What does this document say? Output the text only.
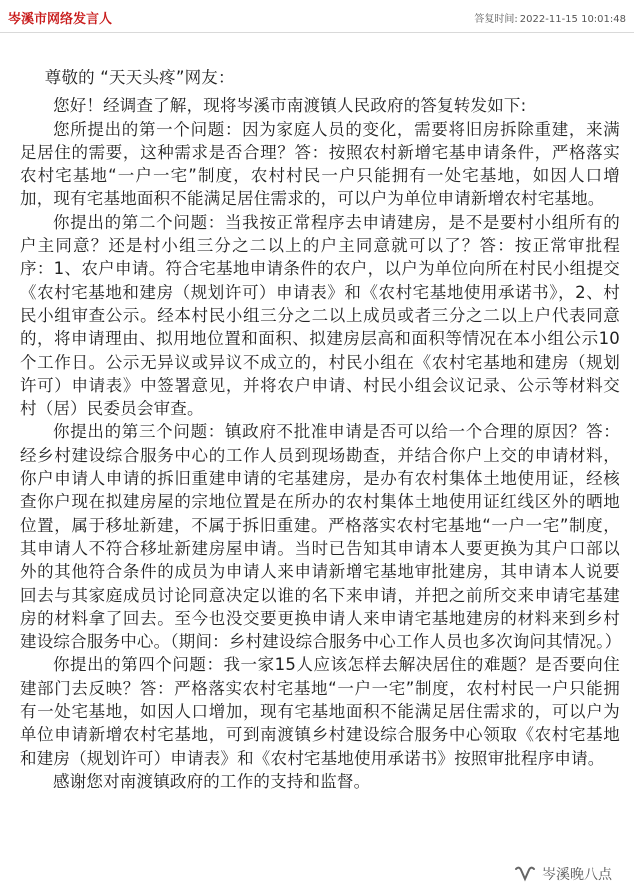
岑溪市网络发言人	答复时间: 2022-11-15 10:01:48

尊敬的 “天天头疼”网友：

您好！经调查了解，现将岑溪市南渡镇人民政府的答复转发如下:

您所提出的第一个问题：因为家庭人员的变化，需要将旧房拆除重建，来满足居住的需要，这种需求是否合理？答：按照农村新增宅基申请条件，严格落实农村宅基地“一户一宅”制度，农村村民一户只能拥有一处宅基地，如因人口增加，现有宅基地面积不能满足居住需求的，可以户为单位申请新增农村宅基地。

你提出的第二个问题：当我按正常程序去申请建房，是不是要村小组所有的户主同意？还是村小组三分之二以上的户主同意就可以了？答：按正常审批程序：1、农户申请。符合宅基地申请条件的农户，以户为单位向所在村民小组提交《农村宅基地和建房（规划许可）申请表》和《农村宅基地使用承诺书》，2、村民小组审查公示。经本村民小组三分之二以上成员或者三分之二以上户代表同意的，将申请理由、拟用地位置和面积、拟建房层高和面积等情况在本小组公示10个工作日。公示无异议或异议不成立的，村民小组在《农村宅基地和建房（规划许可）申请表》中签署意见，并将农户申请、村民小组会议记录、公示等材料交村（居）民委员会审查。

你提出的第三个问题：镇政府不批准申请是否可以给一个合理的原因？答：经乡村建设综合服务中心的工作人员到现场勘查，并结合你户上交的申请材料，你户申请人申请的拆旧重建申请的宅基建房，是办有农村集体土地使用证，经核查你户现在拟建房屋的宗地位置是在所办的农村集体土地使用证红线区外的晒地位置，属于移址新建，不属于拆旧重建。严格落实农村宅基地“一户一宅”制度，其申请人不符合移址新建房屋申请。当时已告知其申请本人要更换为其户口部以外的其他符合条件的成员为申请人来申请新增宅基地审批建房，其申请本人说要回去与其家庭成员讨论同意决定以谁的名下来申请，并把之前所交来申请宅基建房的材料拿了回去。至今也没交要更换申请人来申请宅基地建房的材料来到乡村建设综合服务中心。（期间：乡村建设综合服务中心工作人员也多次询问其情况。）

你提出的第四个问题：我一家15人应该怎样去解决居住的难题？是否要向住建部门去反映？答：严格落实农村宅基地“一户一宅”制度，农村村民一户只能拥有一处宅基地，如因人口增加，现有宅基地面积不能满足居住需求的，可以户为单位申请新增农村宅基地，可到南渡镇乡村建设综合服务中心领取《农村宅基地和建房（规划许可）申请表》和《农村宅基地使用承诺书》按照审批程序申请。

感谢您对南渡镇政府的工作的支持和监督。

岑溪晚八点
